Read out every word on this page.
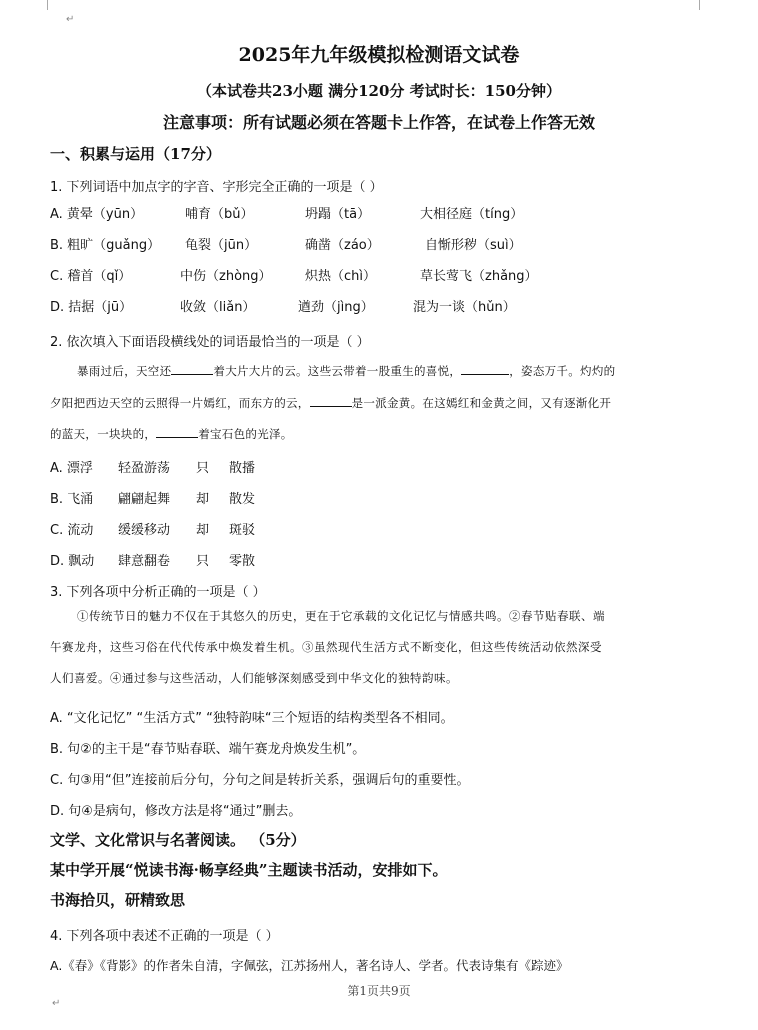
↵
2025年九年级模拟检测语文试卷
（本试卷共23小题 满分120分 考试时长：150分钟）
注意事项：所有试题必须在答题卡上作答，在试卷上作答无效
一、积累与运用（17分）
1. 下列词语中加点字的字音、字形完全正确的一项是（ ）
A. 黄晕（yūn）	哺育（bǔ）	坍蹋（tā）	大相径庭（tíng）
B. 粗旷（guǎng） 龟裂（jūn）	确凿（záo）	自惭形秽（suì）
C. 稽首（qǐ）	中伤（zhòng）	炽热（chì）	草长莺飞（zhǎng）
D. 拮据（jū）	收敛（liǎn）	遒劲（jìng）	混为一谈（hǔn）
2. 依次填入下面语段横线处的词语最恰当的一项是（ ）
暴雨过后，天空还	着大片大片的云。这些云带着一股重生的喜悦，	，姿态万千。灼灼的
夕阳把西边天空的云照得一片嫣红，而东方的云，	是一派金黄。在这嫣红和金黄之间，又有逐渐化开
的蓝天，一块块的，	着宝石色的光泽。
A. 漂浮 轻盈游荡 只 散播
B. 飞涌 翩翩起舞 却 散发
C. 流动 缓缓移动 却 斑驳
D. 飘动 肆意翻卷 只 零散
3. 下列各项中分析正确的一项是（ ）
①传统节日的魅力不仅在于其悠久的历史，更在于它承载的文化记忆与情感共鸣。②春节贴春联、端
午赛龙舟，这些习俗在代代传承中焕发着生机。③虽然现代生活方式不断变化，但这些传统活动依然深受
人们喜爱。④通过参与这些活动，人们能够深刻感受到中华文化的独特韵味。
A. “文化记忆” “生活方式” “独特韵味“三个短语的结构类型各不相同。
B. 句②的主干是“春节贴春联、端午赛龙舟焕发生机”。
C. 句③用“但”连接前后分句，分句之间是转折关系，强调后句的重要性。
D. 句④是病句，修改方法是将“通过”删去。
文学、文化常识与名著阅读。 （5分）
某中学开展“悦读书海·畅享经典”主题读书活动，安排如下。
书海拾贝，研精致思
4. 下列各项中表述不正确的一项是（ ）
A.《春》《背影》的作者朱自清，字佩弦，江苏扬州人，著名诗人、学者。代表诗集有《踪迹》
第1页共9页
↵
